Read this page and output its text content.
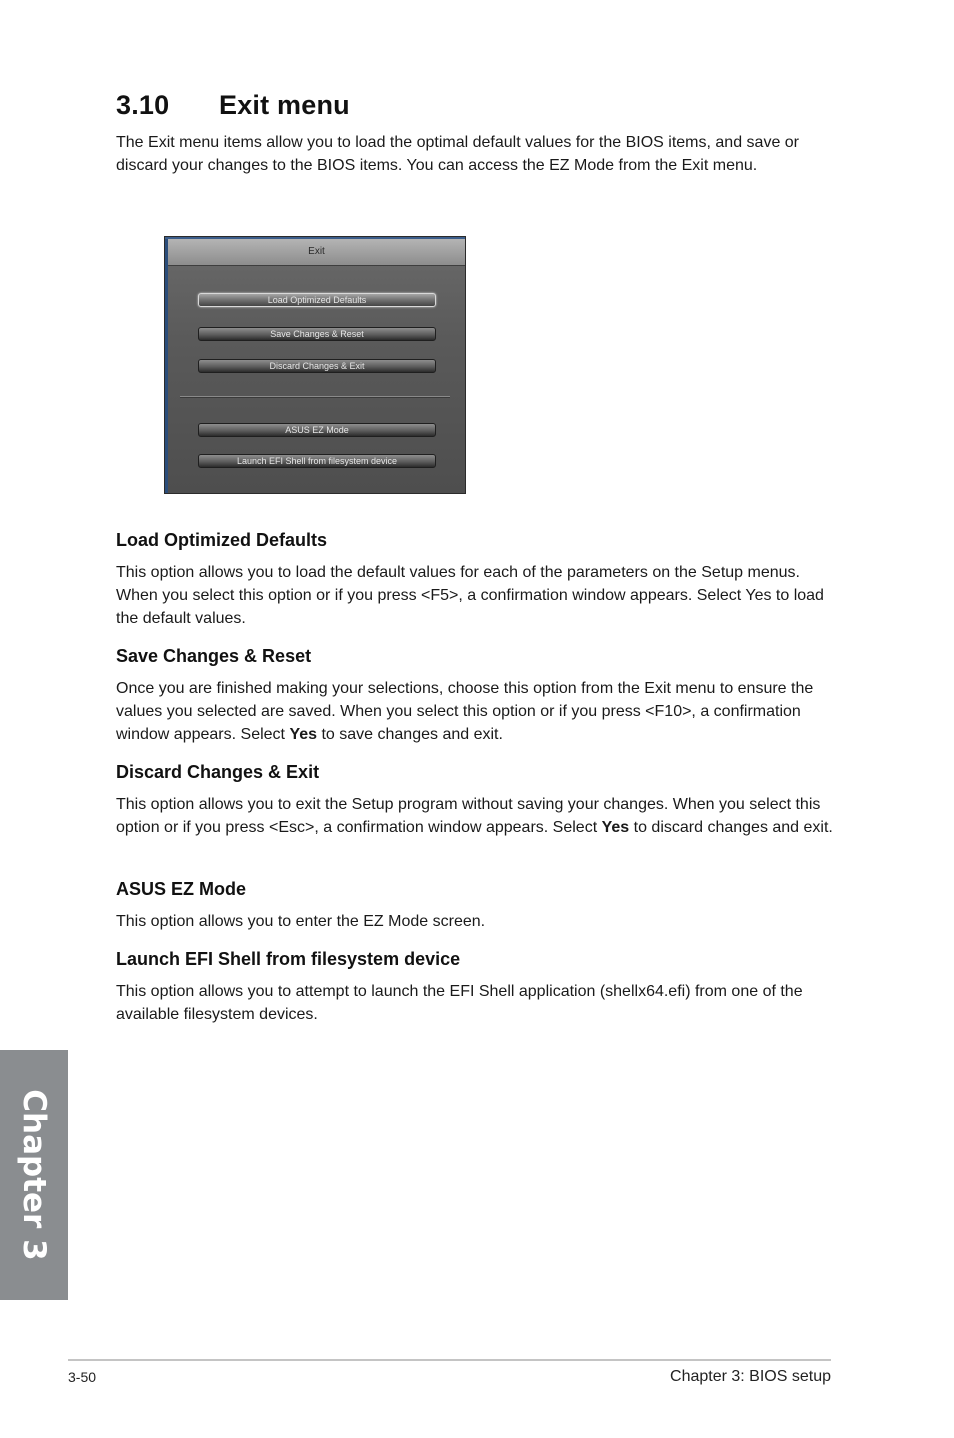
3.10 Exit menu

The Exit menu items allow you to load the optimal default values for the BIOS items, and save or discard your changes to the BIOS items. You can access the EZ Mode from the Exit menu.

Exit
Load Optimized Defaults
Save Changes & Reset
Discard Changes & Exit
ASUS EZ Mode
Launch EFI Shell from filesystem device
Load Optimized Defaults

This option allows you to load the default values for each of the parameters on the Setup menus. When you select this option or if you press <F5>, a confirmation window appears. Select Yes to load the default values.

Save Changes & Reset

Once you are finished making your selections, choose this option from the Exit menu to ensure the values you selected are saved. When you select this option or if you press <F10>, a confirmation window appears. Select Yes to save changes and exit.

Discard Changes & Exit

This option allows you to exit the Setup program without saving your changes. When you select this option or if you press <Esc>, a confirmation window appears. Select Yes to discard changes and exit.

ASUS EZ Mode

This option allows you to enter the EZ Mode screen.

Launch EFI Shell from filesystem device

This option allows you to attempt to launch the EFI Shell application (shellx64.efi) from one of the available filesystem devices.

Chapter 3
3-50	Chapter 3: BIOS setup
